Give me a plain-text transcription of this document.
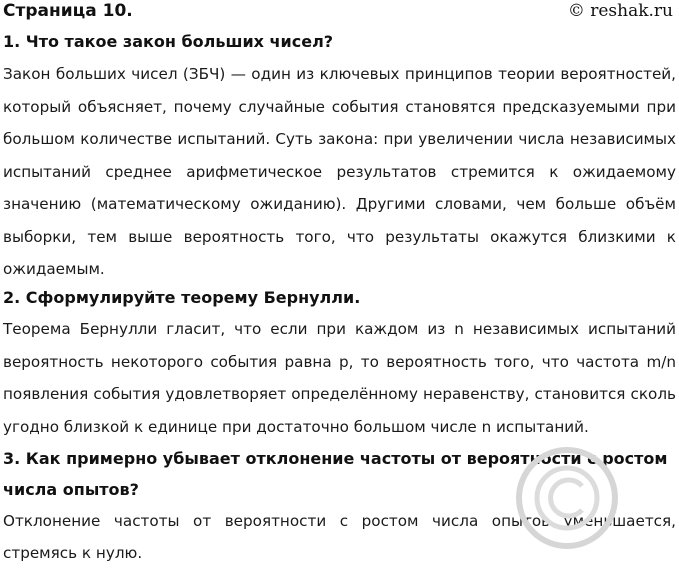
Страница 10.	© reshak.ru
1. Что такое закон больших чисел?
Закон больших чисел (ЗБЧ) — один из ключевых принципов теории вероятностей, который объясняет, почему случайные события становятся предсказуемыми при большом количестве испытаний. Суть закона: при увеличении числа независимых испытаний среднее арифметическое результатов стремится к ожидаемому значению (математическому ожиданию). Другими словами, чем больше объём выборки, тем выше вероятность того, что результаты окажутся близкими к ожидаемым.
2. Сформулируйте теорему Бернулли.
Теорема Бернулли гласит, что если при каждом из n независимых испытаний вероятность некоторого события равна p, то вероятность того, что частота m/n появления события удовлетворяет определённому неравенству, становится сколь угодно близкой к единице при достаточно большом числе n испытаний.
3. Как примерно убывает отклонение частоты от вероятности с ростом числа опытов?
Отклонение частоты от вероятности с ростом числа опытов уменьшается, стремясь к нулю.
